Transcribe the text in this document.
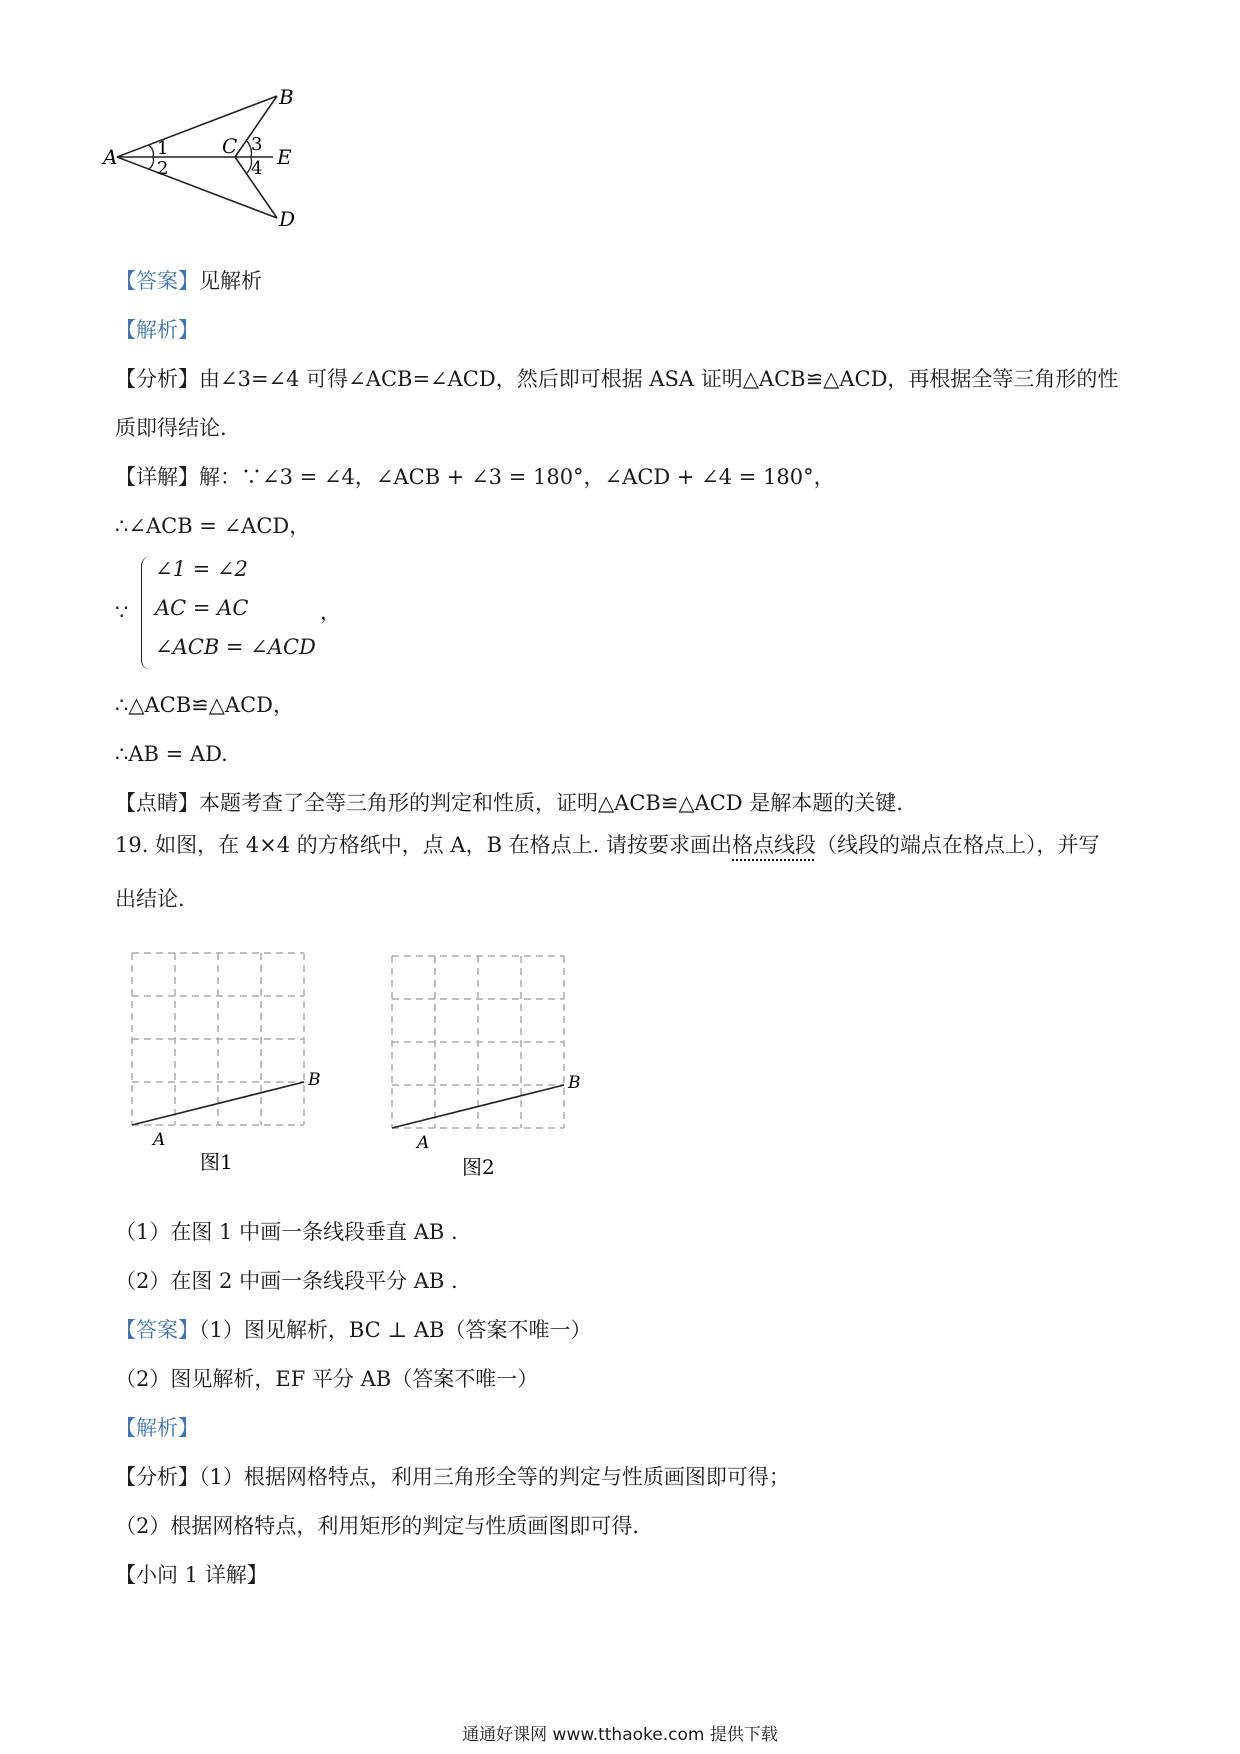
A
B
C
D
E
1
2
3
4
【答案】见解析
【解析】
【分析】由∠3=∠4 可得∠ACB=∠ACD，然后即可根据 ASA 证明△ACB≌△ACD，再根据全等三角形的性
质即得结论.
【详解】解：∵∠3 = ∠4，∠ACB + ∠3 = 180°，∠ACD + ∠4 = 180°，
∴∠ACB = ∠ACD，
∵
∠1 = ∠2
AC = AC
∠ACB = ∠ACD
，
∴△ACB≌△ACD，
∴AB = AD.
【点睛】本题考查了全等三角形的判定和性质，证明△ACB≌△ACD 是解本题的关键.
19. 如图，在 4×4 的方格纸中，点 A，B 在格点上. 请按要求画出格点线段（线段的端点在格点上），并写
出结论.
A
B
图1
A
B
图2
（1）在图 1 中画一条线段垂直 AB .
（2）在图 2 中画一条线段平分 AB .
【答案】（1）图见解析，BC ⊥ AB（答案不唯一）
（2）图见解析，EF 平分 AB（答案不唯一）
【解析】
【分析】（1）根据网格特点，利用三角形全等的判定与性质画图即可得；
（2）根据网格特点，利用矩形的判定与性质画图即可得.
【小问 1 详解】
通通好课网 www.tthaoke.com 提供下载
